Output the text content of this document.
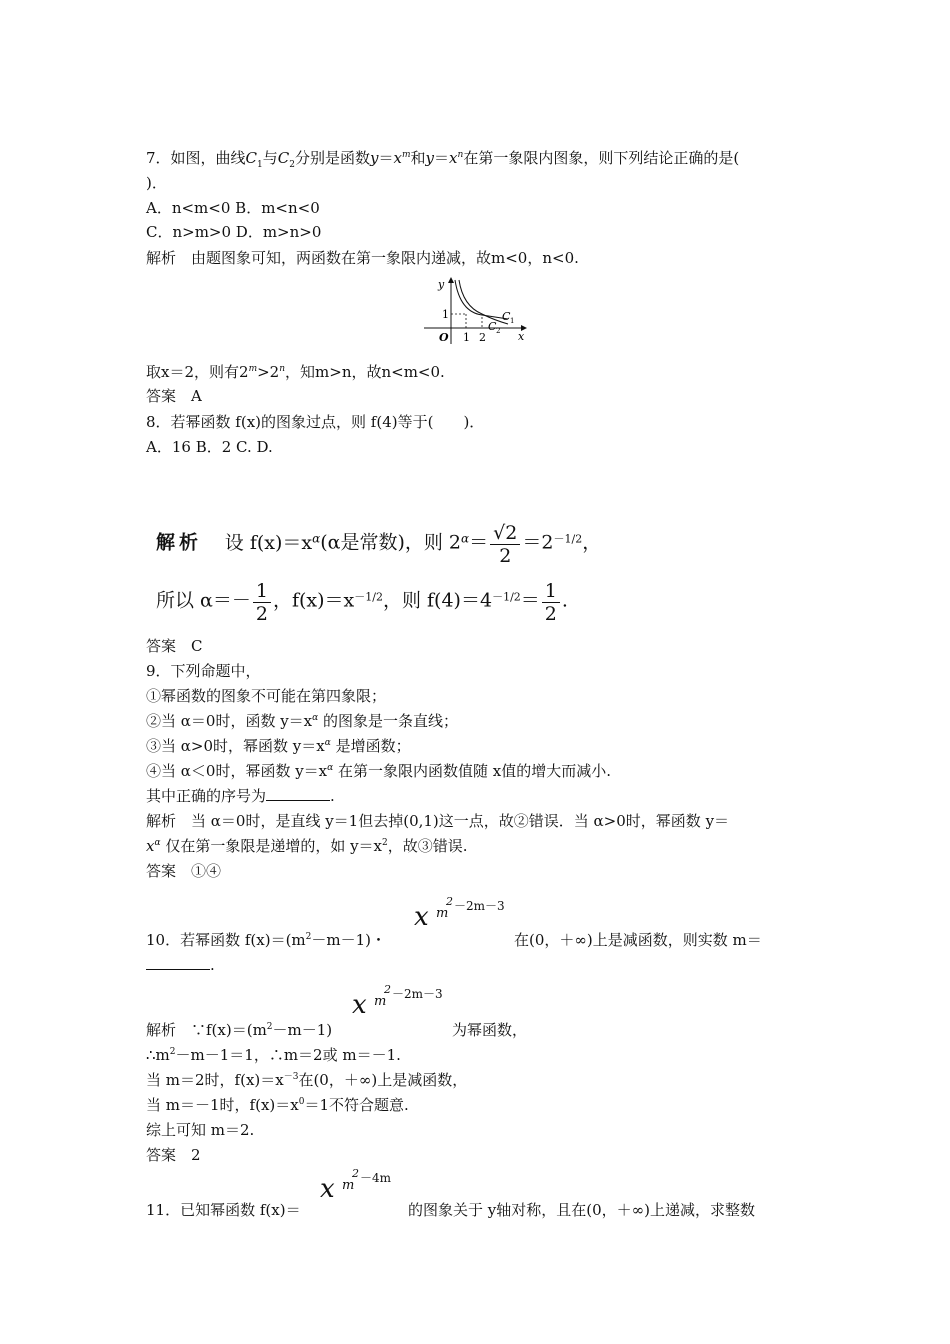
7．如图，曲线$C_1$与$C_2$分别是函数$y=x^m$和$y=x^n$在第一象限内图象，则下列结论正确的是(
)．
A．n<m<0 B．m<n<0
C．n>m>0 D．m>n>0
解析　由题图象可知，两函数在第一象限内递减，故m<0，n<0.
y
x
O
1
1 2
C 1
C 2
取x＝2，则有$2^m>2^n$，知m>n，故n<m<0.
答案　A
8．若幂函数 f(x)的图象过点，则 f(4)等于(　　)．
A．16 B．2 C. D.
解析 设 $f(x)=x^\alpha(\alpha$是常数)，则 $2^\alpha= \frac{√2}{2} =2^{-1/2}$，
所以 $\alpha=- \frac{1}{2}$ ，$f(x)=x^{-1/2}$，则 $f(4)=4^{-1/2}= \frac{1}{2}$ .
答案　C
9．下列命题中，
①幂函数的图象不可能在第四象限；
②当 α＝0时，函数 $y=x^\alpha$ 的图象是一条直线；
③当 α>0时，幂函数 $y=x^\alpha$ 是增函数；
④当 α＜0时，幂函数 $y=x^\alpha$ 在第一象限内函数值随 x值的增大而减小.
其中正确的序号为	.
解析　当 α＝0时，是直线 y＝1但去掉(0,1)这一点，故②错误．当 α>0时，幂函数 y＝
$x^\alpha$ 仅在第一象限是递增的，如 $y=x^2$，故③错误.
答案　①④
10．若幂函数 $f(x)=(m^2-m-1)$・
x
$^2$
m －2m－3
在(0，＋∞)上是减函数，则实数 m＝
.
x
$^2$
m －2m－3
解析　$\because f(x)=(m^2-m-1)$	为幂函数，
$\therefore m^2-m-1=1$，∴m＝2或 m＝－1.
当 m＝2时，$f(x)=x^{-3}$在(0，＋∞)上是减函数，
当 m＝－1时，$f(x)=x^0=1$不符合题意.
综上可知 m＝2.
答案　2
11．已知幂函数 f(x)＝
x
$^2$
m －4m
的图象关于 y轴对称，且在(0，＋∞)上递减，求整数
